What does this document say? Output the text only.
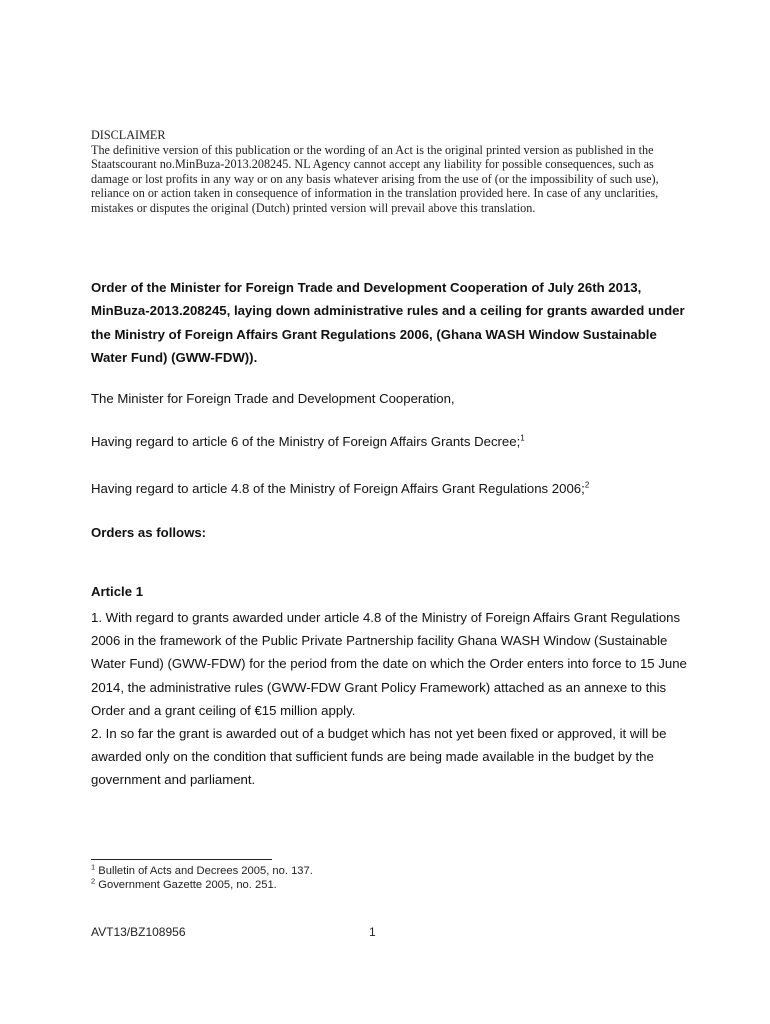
DISCLAIMER
The definitive version of this publication or the wording of an Act is the original printed version as published in the Staatscourant no.MinBuza-2013.208245. NL Agency cannot accept any liability for possible consequences, such as damage or lost profits in any way or on any basis whatever arising from the use of (or the impossibility of such use), reliance on or action taken in consequence of information in the translation provided here. In case of any unclarities, mistakes or disputes the original (Dutch) printed version will prevail above this translation.
Order of the Minister for Foreign Trade and Development Cooperation of July 26th 2013, MinBuza-2013.208245, laying down administrative rules and a ceiling for grants awarded under the Ministry of Foreign Affairs Grant Regulations 2006, (Ghana WASH Window Sustainable Water Fund) (GWW-FDW)).
The Minister for Foreign Trade and Development Cooperation,
Having regard to article 6 of the Ministry of Foreign Affairs Grants Decree;$^1$
Having regard to article 4.8 of the Ministry of Foreign Affairs Grant Regulations 2006;$^2$
Orders as follows:
Article 1

1. With regard to grants awarded under article 4.8 of the Ministry of Foreign Affairs Grant Regulations 2006 in the framework of the Public Private Partnership facility Ghana WASH Window (Sustainable Water Fund) (GWW-FDW) for the period from the date on which the Order enters into force to 15 June 2014, the administrative rules (GWW-FDW Grant Policy Framework) attached as an annexe to this Order and a grant ceiling of €15 million apply.

2. In so far the grant is awarded out of a budget which has not yet been fixed or approved, it will be awarded only on the condition that sufficient funds are being made available in the budget by the government and parliament.

$^1$ Bulletin of Acts and Decrees 2005, no. 137.
$^2$ Government Gazette 2005, no. 251.
AVT13/BZ108956	1
